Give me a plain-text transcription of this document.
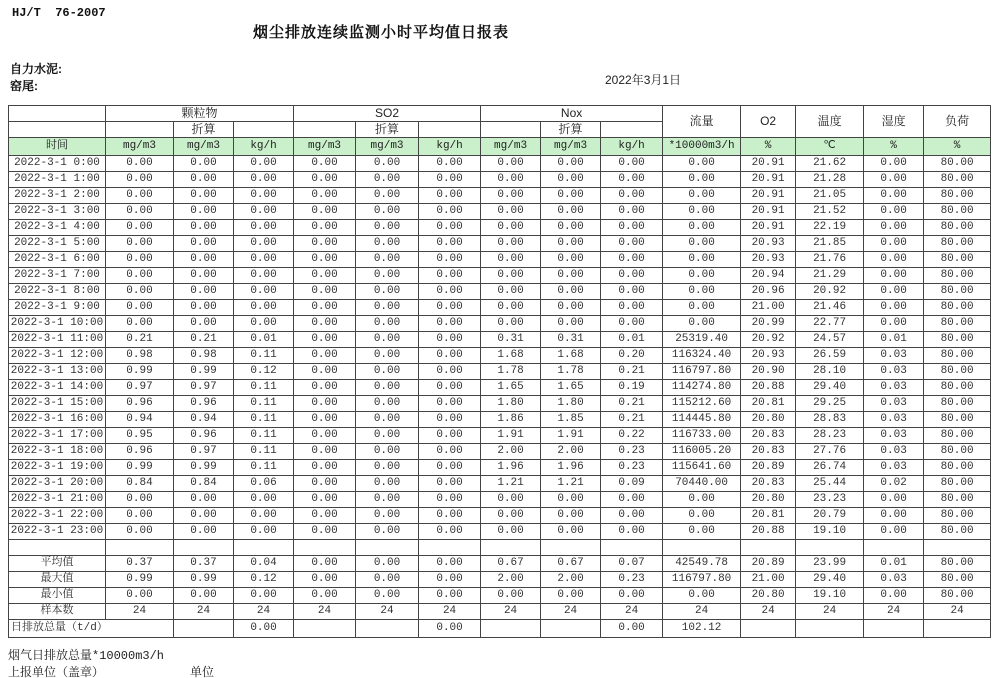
HJ/T  76-2007
烟尘排放连续监测小时平均值日报表
自力水泥:
窑尾:	2022年3月1日
	颗粒物			SO2			Nox			流量	O2	温度	湿度	负荷
		折算			折算			折算						
时间	mg/m3	mg/m3	kg/h	mg/m3	mg/m3	kg/h	mg/m3	mg/m3	kg/h	*10000m3/h	%	℃	%	%
2022-3-1 0:00	0.00	0.00	0.00	0.00	0.00	0.00	0.00	0.00	0.00	0.00	20.91	21.62	0.00	80.00
2022-3-1 1:00	0.00	0.00	0.00	0.00	0.00	0.00	0.00	0.00	0.00	0.00	20.91	21.28	0.00	80.00
2022-3-1 2:00	0.00	0.00	0.00	0.00	0.00	0.00	0.00	0.00	0.00	0.00	20.91	21.05	0.00	80.00
2022-3-1 3:00	0.00	0.00	0.00	0.00	0.00	0.00	0.00	0.00	0.00	0.00	20.91	21.52	0.00	80.00
2022-3-1 4:00	0.00	0.00	0.00	0.00	0.00	0.00	0.00	0.00	0.00	0.00	20.91	22.19	0.00	80.00
2022-3-1 5:00	0.00	0.00	0.00	0.00	0.00	0.00	0.00	0.00	0.00	0.00	20.93	21.85	0.00	80.00
2022-3-1 6:00	0.00	0.00	0.00	0.00	0.00	0.00	0.00	0.00	0.00	0.00	20.93	21.76	0.00	80.00
2022-3-1 7:00	0.00	0.00	0.00	0.00	0.00	0.00	0.00	0.00	0.00	0.00	20.94	21.29	0.00	80.00
2022-3-1 8:00	0.00	0.00	0.00	0.00	0.00	0.00	0.00	0.00	0.00	0.00	20.96	20.92	0.00	80.00
2022-3-1 9:00	0.00	0.00	0.00	0.00	0.00	0.00	0.00	0.00	0.00	0.00	21.00	21.46	0.00	80.00
2022-3-1 10:00	0.00	0.00	0.00	0.00	0.00	0.00	0.00	0.00	0.00	0.00	20.99	22.77	0.00	80.00
2022-3-1 11:00	0.21	0.21	0.01	0.00	0.00	0.00	0.31	0.31	0.01	25319.40	20.92	24.57	0.01	80.00
2022-3-1 12:00	0.98	0.98	0.11	0.00	0.00	0.00	1.68	1.68	0.20	116324.40	20.93	26.59	0.03	80.00
2022-3-1 13:00	0.99	0.99	0.12	0.00	0.00	0.00	1.78	1.78	0.21	116797.80	20.90	28.10	0.03	80.00
2022-3-1 14:00	0.97	0.97	0.11	0.00	0.00	0.00	1.65	1.65	0.19	114274.80	20.88	29.40	0.03	80.00
2022-3-1 15:00	0.96	0.96	0.11	0.00	0.00	0.00	1.80	1.80	0.21	115212.60	20.81	29.25	0.03	80.00
2022-3-1 16:00	0.94	0.94	0.11	0.00	0.00	0.00	1.86	1.85	0.21	114445.80	20.80	28.83	0.03	80.00
2022-3-1 17:00	0.95	0.96	0.11	0.00	0.00	0.00	1.91	1.91	0.22	116733.00	20.83	28.23	0.03	80.00
2022-3-1 18:00	0.96	0.97	0.11	0.00	0.00	0.00	2.00	2.00	0.23	116005.20	20.83	27.76	0.03	80.00
2022-3-1 19:00	0.99	0.99	0.11	0.00	0.00	0.00	1.96	1.96	0.23	115641.60	20.89	26.74	0.03	80.00
2022-3-1 20:00	0.84	0.84	0.06	0.00	0.00	0.00	1.21	1.21	0.09	70440.00	20.83	25.44	0.02	80.00
2022-3-1 21:00	0.00	0.00	0.00	0.00	0.00	0.00	0.00	0.00	0.00	0.00	20.80	23.23	0.00	80.00
2022-3-1 22:00	0.00	0.00	0.00	0.00	0.00	0.00	0.00	0.00	0.00	0.00	20.81	20.79	0.00	80.00
2022-3-1 23:00	0.00	0.00	0.00	0.00	0.00	0.00	0.00	0.00	0.00	0.00	20.88	19.10	0.00	80.00

平均值	0.37	0.37	0.04	0.00	0.00	0.00	0.67	0.67	0.07	42549.78	20.89	23.99	0.01	80.00
最大值	0.99	0.99	0.12	0.00	0.00	0.00	2.00	2.00	0.23	116797.80	21.00	29.40	0.03	80.00
最小值	0.00	0.00	0.00	0.00	0.00	0.00	0.00	0.00	0.00	0.00	20.80	19.10	0.00	80.00
样本数	24	24	24	24	24	24	24	24	24	24	24	24	24	24
日排放总量（t/d）			0.00			0.00			0.00	102.12				
烟气日排放总量*10000m3/h
上报单位（盖章）	单位
